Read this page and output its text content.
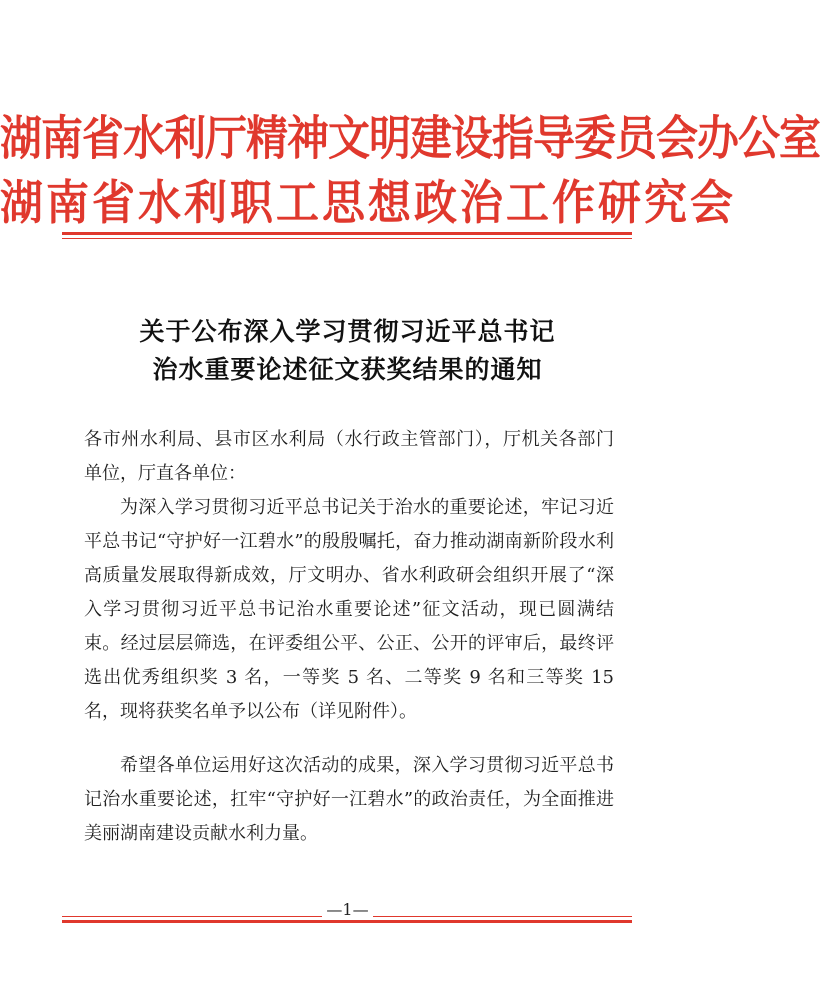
湖南省水利厅精神文明建设指导委员会办公室
湖南省水利职工思想政治工作研究会
关于公布深入学习贯彻习近平总书记
治水重要论述征文获奖结果的通知

各市州水利局、县市区水利局（水行政主管部门），厅机关各部门单位，厅直各单位：

为深入学习贯彻习近平总书记关于治水的重要论述，牢记习近平总书记“守护好一江碧水”的殷殷嘱托，奋力推动湖南新阶段水利高质量发展取得新成效，厅文明办、省水利政研会组织开展了“深入学习贯彻习近平总书记治水重要论述”征文活动，现已圆满结束。经过层层筛选，在评委组公平、公正、公开的评审后，最终评选出优秀组织奖 3 名，一等奖 5 名、二等奖 9 名和三等奖 15 名，现将获奖名单予以公布（详见附件）。

希望各单位运用好这次活动的成果，深入学习贯彻习近平总书记治水重要论述，扛牢“守护好一江碧水”的政治责任，为全面推进美丽湖南建设贡献水利力量。

—1—
